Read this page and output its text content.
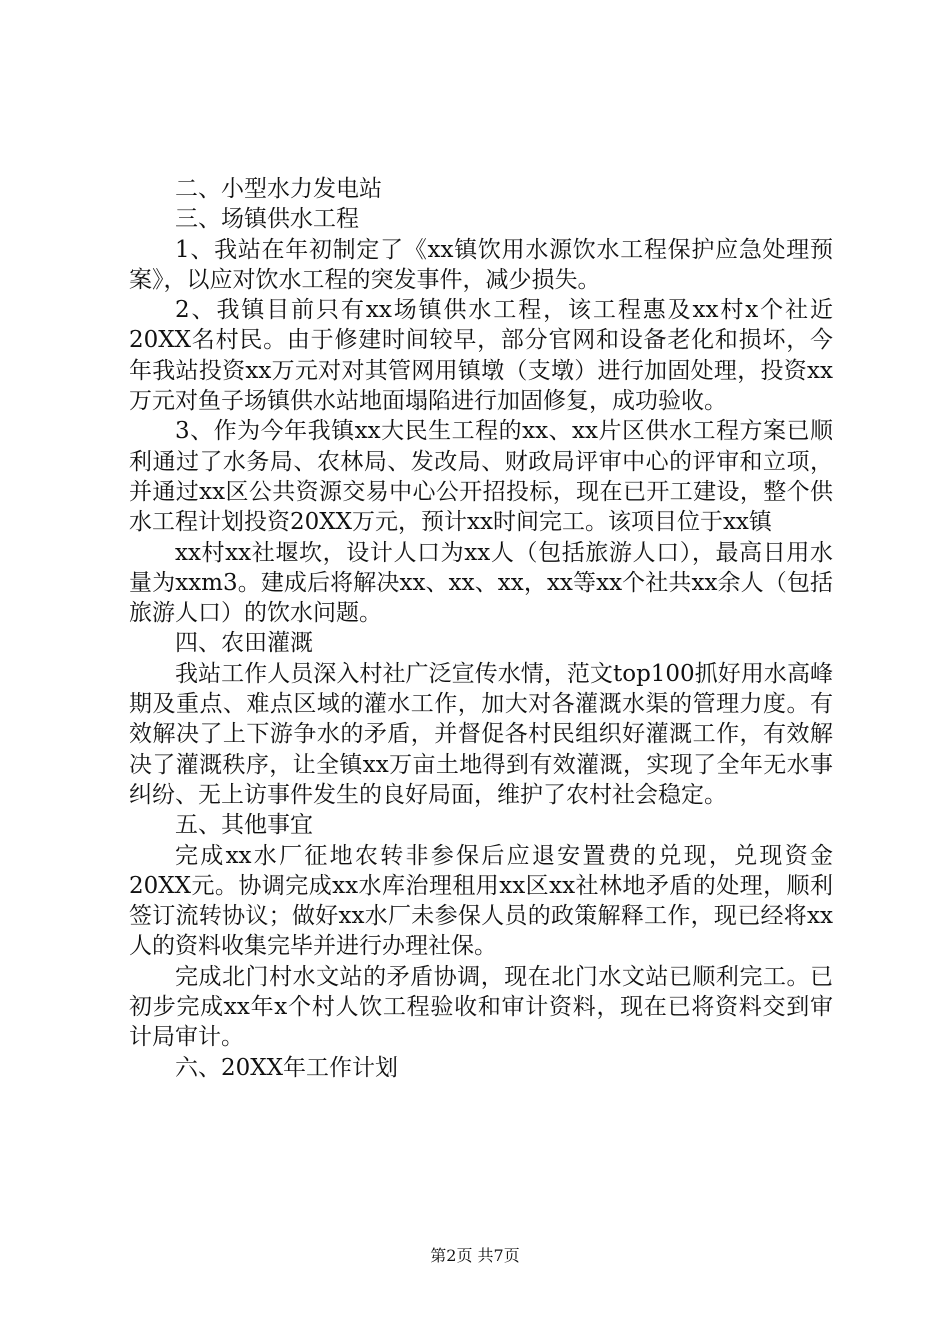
二、小型水力发电站

三、场镇供水工程

1、我站在年初制定了《xx镇饮用水源饮水工程保护应急处理预案》，以应对饮水工程的突发事件，减少损失。

2、我镇目前只有xx场镇供水工程，该工程惠及xx村x个社近20XX名村民。由于修建时间较早，部分官网和设备老化和损坏，今年我站投资xx万元对对其管网用镇墩（支墩）进行加固处理，投资xx万元对鱼子场镇供水站地面塌陷进行加固修复，成功验收。

3、作为今年我镇xx大民生工程的xx、xx片区供水工程方案已顺利通过了水务局、农林局、发改局、财政局评审中心的评审和立项，并通过xx区公共资源交易中心公开招投标，现在已开工建设，整个供水工程计划投资20XX万元，预计xx时间完工。该项目位于xx镇

xx村xx社堰坎，设计人口为xx人（包括旅游人口），最高日用水量为xxm3。建成后将解决xx、xx、xx，xx等xx个社共xx余人（包括旅游人口）的饮水问题。

四、农田灌溉

我站工作人员深入村社广泛宣传水情，范文top100抓好用水高峰期及重点、难点区域的灌水工作，加大对各灌溉水渠的管理力度。有效解决了上下游争水的矛盾，并督促各村民组织好灌溉工作，有效解决了灌溉秩序，让全镇xx万亩土地得到有效灌溉，实现了全年无水事纠纷、无上访事件发生的良好局面，维护了农村社会稳定。

五、其他事宜

完成xx水厂征地农转非参保后应退安置费的兑现，兑现资金20XX元。协调完成xx水库治理租用xx区xx社林地矛盾的处理，顺利签订流转协议；做好xx水厂未参保人员的政策解释工作，现已经将xx人的资料收集完毕并进行办理社保。

完成北门村水文站的矛盾协调，现在北门水文站已顺利完工。已初步完成xx年x个村人饮工程验收和审计资料，现在已将资料交到审计局审计。

六、20XX年工作计划

第2页 共7页
